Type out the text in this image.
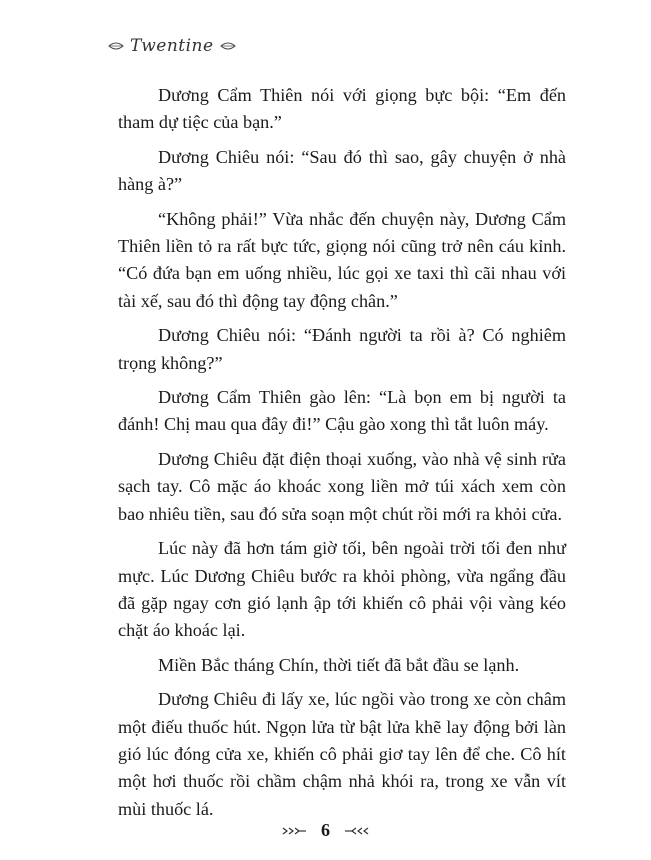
Twentine

Dương Cẩm Thiên nói với giọng bực bội: “Em đến tham dự tiệc của bạn.”

Dương Chiêu nói: “Sau đó thì sao, gây chuyện ở nhà hàng à?”

“Không phải!” Vừa nhắc đến chuyện này, Dương Cẩm Thiên liền tỏ ra rất bực tức, giọng nói cũng trở nên cáu kỉnh. “Có đứa bạn em uống nhiều, lúc gọi xe taxi thì cãi nhau với tài xế, sau đó thì động tay động chân.”

Dương Chiêu nói: “Đánh người ta rồi à? Có nghiêm trọng không?”

Dương Cẩm Thiên gào lên: “Là bọn em bị người ta đánh! Chị mau qua đây đi!” Cậu gào xong thì tắt luôn máy.

Dương Chiêu đặt điện thoại xuống, vào nhà vệ sinh rửa sạch tay. Cô mặc áo khoác xong liền mở túi xách xem còn bao nhiêu tiền, sau đó sửa soạn một chút rồi mới ra khỏi cửa.

Lúc này đã hơn tám giờ tối, bên ngoài trời tối đen như mực. Lúc Dương Chiêu bước ra khỏi phòng, vừa ngẩng đầu đã gặp ngay cơn gió lạnh ập tới khiến cô phải vội vàng kéo chặt áo khoác lại.

Miền Bắc tháng Chín, thời tiết đã bắt đầu se lạnh.

Dương Chiêu đi lấy xe, lúc ngồi vào trong xe còn châm một điếu thuốc hút. Ngọn lửa từ bật lửa khẽ lay động bởi làn gió lúc đóng cửa xe, khiến cô phải giơ tay lên để che. Cô hít một hơi thuốc rồi chầm chậm nhả khói ra, trong xe vẫn vít mùi thuốc lá.

6
